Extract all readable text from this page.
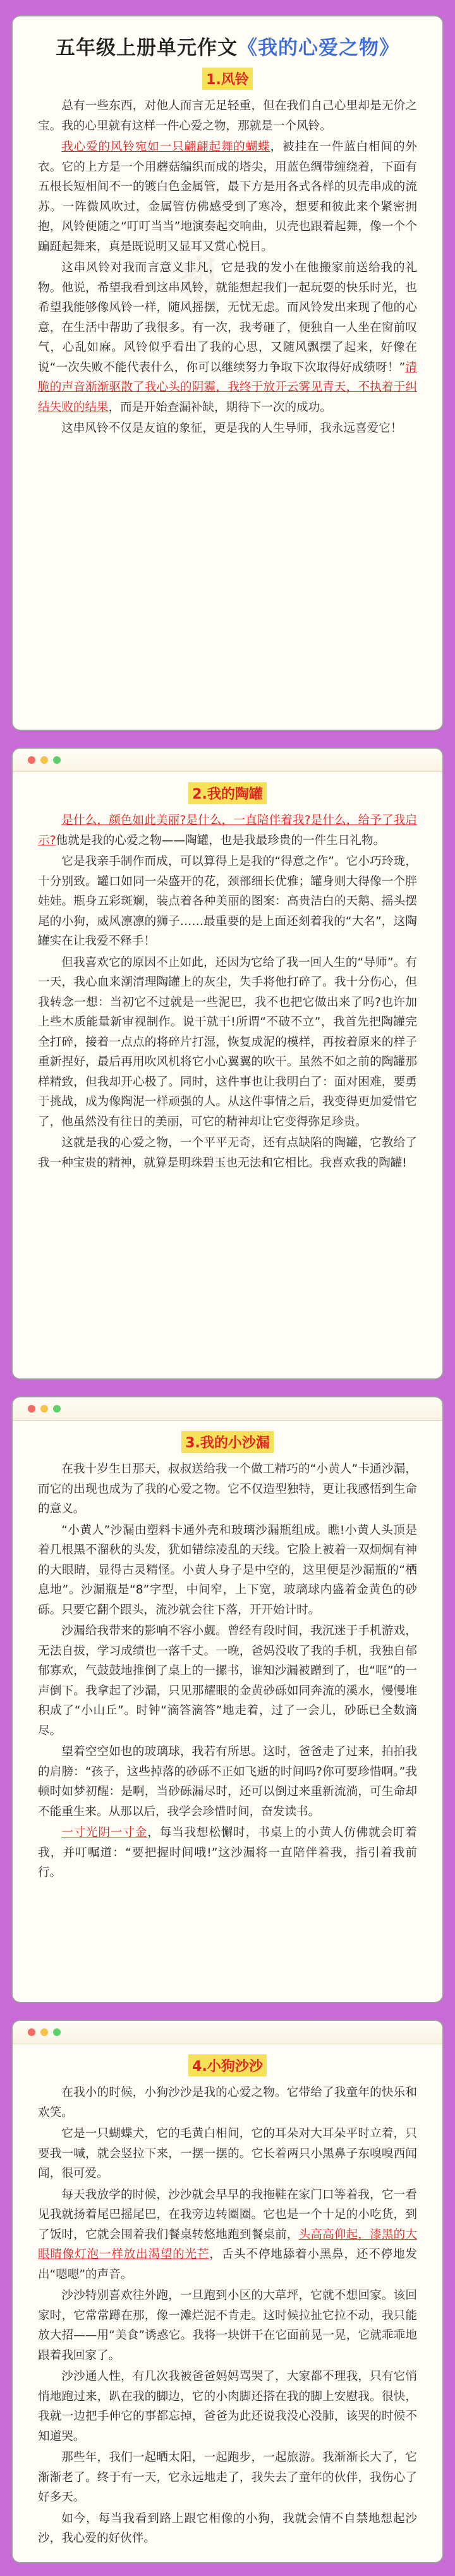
五年级上册单元作文《我的心爱之物》
1.风铃

总有一些东西，对他人而言无足轻重，但在我们自己心里却是无价之宝。我的心里就有这样一件心爱之物，那就是一个风铃。

我心爱的风铃宛如一只翩翩起舞的蝴蝶，被挂在一件蓝白相间的外衣。它的上方是一个用蘑菇编织而成的塔尖，用蓝色绸带缠绕着，下面有五根长短相间不一的镀白色金属管，最下方是用各式各样的贝壳串成的流苏。一阵微风吹过，金属管仿佛感受到了寒冷，想要和彼此来个紧密拥抱，风铃便随之“叮叮当当”地演奏起交响曲，贝壳也跟着起舞，像一个个蹁跹起舞来，真是既说明又显耳又赏心悦目。

这串风铃对我而言意义非凡，它是我的发小在他搬家前送给我的礼物。他说，希望我看到这串风铃，就能想起我们一起玩耍的快乐时光，也希望我能够像风铃一样，随风摇摆，无忧无虑。而风铃发出来现了他的心意，在生活中帮助了我很多。有一次，我考砸了，便独自一人坐在窗前叹气，心乱如麻。风铃似乎看出了我的心思，又随风飘摆了起来，好像在说“一次失败不能代表什么，你可以继续努力争取下次取得好成绩呀！”清脆的声音渐渐驱散了我心头的阴霾，我终于放开云雾见青天，不执着于纠结失败的结果，而是开始查漏补缺，期待下一次的成功。

这串风铃不仅是友谊的象征，更是我的人生导师，我永远喜爱它！

教
2.我的陶罐

是什么，颜色如此美丽?是什么，一直陪伴着我?是什么，给予了我启示?他就是我的心爱之物——陶罐，也是我最珍贵的一件生日礼物。

它是我亲手制作而成，可以算得上是我的“得意之作”。它小巧玲珑，十分别致。罐口如同一朵盛开的花，颈部细长优雅；罐身则大得像一个胖娃娃。瓶身五彩斑斓，装点着各种美丽的图案：高贵洁白的天鹅、摇头摆尾的小狗，威风凛凛的狮子……最重要的是上面还刻着我的“大名”，这陶罐实在让我爱不释手！

但我喜欢它的原因不止如此，还因为它给了我一回人生的“导师”。有一天，我心血来潮清理陶罐上的灰尘，失手将他打碎了。我十分伤心，但我转念一想：当初它不过就是一些泥巴，我不也把它做出来了吗?也许加上些木质能量新审视制作。说干就干!所谓“不破不立”，我首先把陶罐完全打碎，接着一点点的将碎片打湿，恢复成泥的模样，再按着原来的样子重新捏好，最后再用吹风机将它小心翼翼的吹干。虽然不如之前的陶罐那样精致，但我却开心极了。同时，这件事也让我明白了：面对困难，要勇于挑战，成为像陶泥一样顽强的人。从这件事情之后，我变得更加爱惜它了，他虽然没有往日的美丽，可它的精神却让它变得弥足珍贵。

这就是我的心爱之物，一个平平无奇，还有点缺陷的陶罐，它教给了我一种宝贵的精神，就算是明珠碧玉也无法和它相比。我喜欢我的陶罐!

3.我的小沙漏

在我十岁生日那天，叔叔送给我一个做工精巧的“小黄人”卡通沙漏，而它的出现也成为了我的心爱之物。它不仅造型独特，更让我感悟到生命的意义。

“小黄人”沙漏由塑料卡通外壳和玻璃沙漏瓶组成。瞧!小黄人头顶是着几根黑不溜秋的头发，犹如错综凌乱的天线。它脸上被着一双炯炯有神的大眼睛，显得古灵精怪。小黄人身子是中空的，这里便是沙漏瓶的“栖息地”。沙漏瓶是“8”字型，中间窄，上下宽，玻璃球内盛着金黄色的砂砾。只要它翻个跟头，流沙就会往下落，开开始计时。

沙漏给我带来的影响不容小觑。曾经有段时间，我沉迷于手机游戏，无法自拔，学习成绩也一落千丈。一晚，爸妈没收了我的手机，我独自郁郁寡欢，气鼓鼓地推倒了桌上的一摞书，谁知沙漏被蹭到了，也“哐”的一声倒下。我拿起了沙漏，只见那耀眼的金黄砂砾如同奔流的溪水，慢慢堆积成了“小山丘”。时钟“滴答滴答”地走着，过了一会儿，砂砾已全数滴尽。

望着空空如也的玻璃球，我若有所思。这时，爸爸走了过来，拍拍我的肩膀：“孩子，这些掉落的砂砾不正如飞逝的时间吗?你可要珍惜啊。”我顿时如梦初醒：是啊，当砂砾漏尽时，还可以倒过来重新流淌，可生命却不能重生来。从那以后，我学会珍惜时间，奋发读书。

一寸光阴一寸金，每当我想松懈时，书桌上的小黄人仿佛就会盯着我，并叮嘱道：“要把握时间哦!”这沙漏将一直陪伴着我，指引着我前行。

4.小狗沙沙

在我小的时候，小狗沙沙是我的心爱之物。它带给了我童年的快乐和欢笑。

它是一只蝴蝶犬，它的毛黄白相间，它的耳朵对大耳朵平时立着，只要我一喊，就会竖拉下来，一摆一摆的。它长着两只小黑鼻子东嗅嗅西闻闻，很可爱。

每天我放学的时候，沙沙就会早早的我拖鞋在家门口等着我，它一看见我就扬着尾巴摇尾巴，在我旁边转圈圈。它也是一个十足的小吃货，到了饭时，它就会围着我们餐桌转悠地跑到餐桌前，头高高仰起，漆黑的大眼睛像灯泡一样放出渴望的光芒，舌头不停地舔着小黑鼻，还不停地发出“嗯嗯”的声音。

沙沙特别喜欢往外跑，一旦跑到小区的大草坪，它就不想回家。该回家时，它常常蹲在那，像一滩烂泥不肯走。这时候拉扯它拉不动，我只能放大招——用“美食”诱惑它。我将一块饼干在它面前晃一晃，它就乖乖地跟着我回家了。

沙沙通人性，有几次我被爸爸妈妈骂哭了，大家都不理我，只有它悄悄地跑过来，趴在我的脚边，它的小肉脚还搭在我的脚上安慰我。很快，我就一边把手伸它的事都忘掉，爸爸为此还说我没心没肺，该哭的时候不知道哭。

那些年，我们一起晒太阳，一起跑步，一起旅游。我渐渐长大了，它渐渐老了。终于有一天，它永远地走了，我失去了童年的伙伴，我伤心了好多天。

如今，每当我看到路上跟它相像的小狗，我就会情不自禁地想起沙沙，我心爱的好伙伴。
